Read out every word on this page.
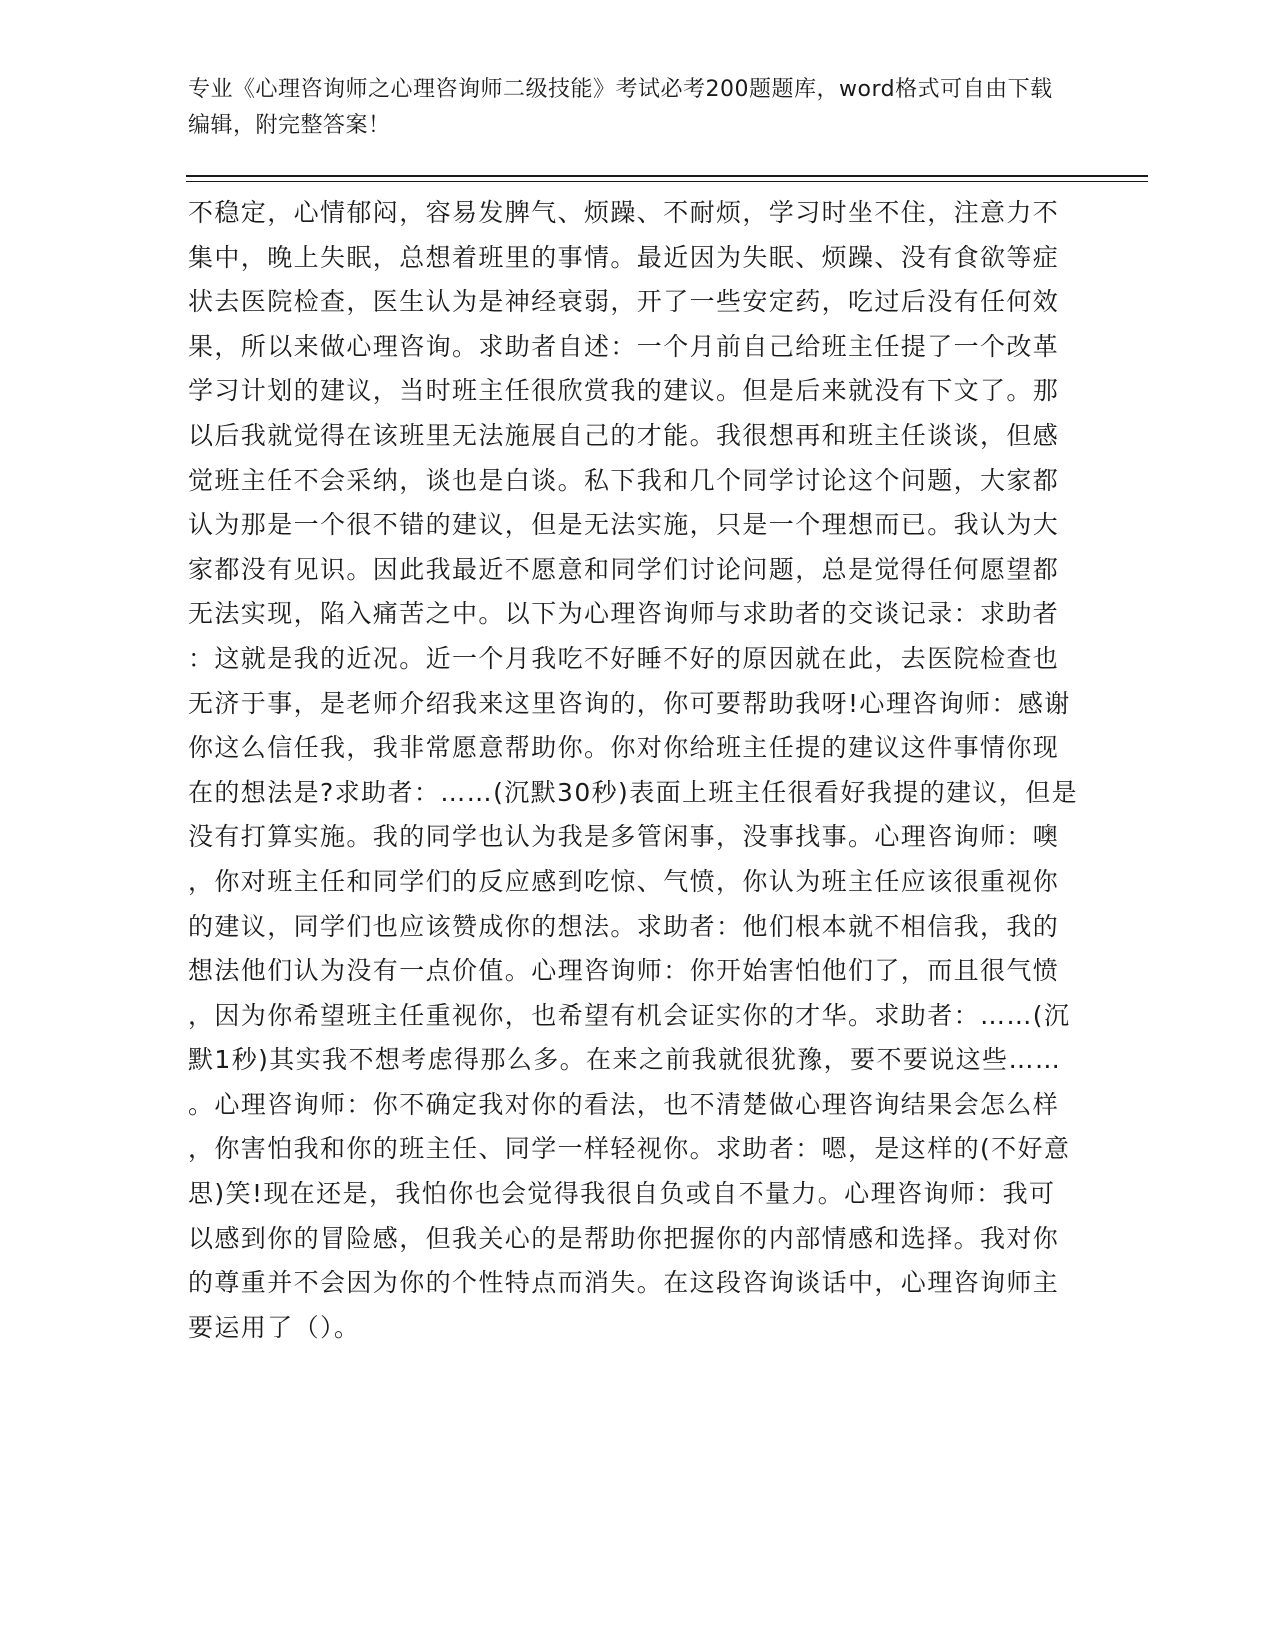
专业《心理咨询师之心理咨询师二级技能》考试必考200题题库，word格式可自由下载编辑，附完整答案！

不稳定，心情郁闷，容易发脾气、烦躁、不耐烦，学习时坐不住，注意力不集中，晚上失眠，总想着班里的事情。最近因为失眠、烦躁、没有食欲等症状去医院检查，医生认为是神经衰弱，开了一些安定药，吃过后没有任何效果，所以来做心理咨询。求助者自述：一个月前自己给班主任提了一个改革学习计划的建议，当时班主任很欣赏我的建议。但是后来就没有下文了。那以后我就觉得在该班里无法施展自己的才能。我很想再和班主任谈谈，但感觉班主任不会采纳，谈也是白谈。私下我和几个同学讨论这个问题，大家都认为那是一个很不错的建议，但是无法实施，只是一个理想而已。我认为大家都没有见识。因此我最近不愿意和同学们讨论问题，总是觉得任何愿望都无法实现，陷入痛苦之中。以下为心理咨询师与求助者的交谈记录：求助者：这就是我的近况。近一个月我吃不好睡不好的原因就在此，去医院检查也无济于事，是老师介绍我来这里咨询的，你可要帮助我呀!心理咨询师：感谢你这么信任我，我非常愿意帮助你。你对你给班主任提的建议这件事情你现在的想法是?求助者：……(沉默30秒)表面上班主任很看好我提的建议，但是没有打算实施。我的同学也认为我是多管闲事，没事找事。心理咨询师：噢，你对班主任和同学们的反应感到吃惊、气愤，你认为班主任应该很重视你的建议，同学们也应该赞成你的想法。求助者：他们根本就不相信我，我的想法他们认为没有一点价值。心理咨询师：你开始害怕他们了，而且很气愤，因为你希望班主任重视你，也希望有机会证实你的才华。求助者：……(沉默1秒)其实我不想考虑得那么多。在来之前我就很犹豫，要不要说这些……。心理咨询师：你不确定我对你的看法，也不清楚做心理咨询结果会怎么样，你害怕我和你的班主任、同学一样轻视你。求助者：嗯，是这样的(不好意思)笑!现在还是，我怕你也会觉得我很自负或自不量力。心理咨询师：我可以感到你的冒险感，但我关心的是帮助你把握你的内部情感和选择。我对你的尊重并不会因为你的个性特点而消失。在这段咨询谈话中，心理咨询师主要运用了（）。
